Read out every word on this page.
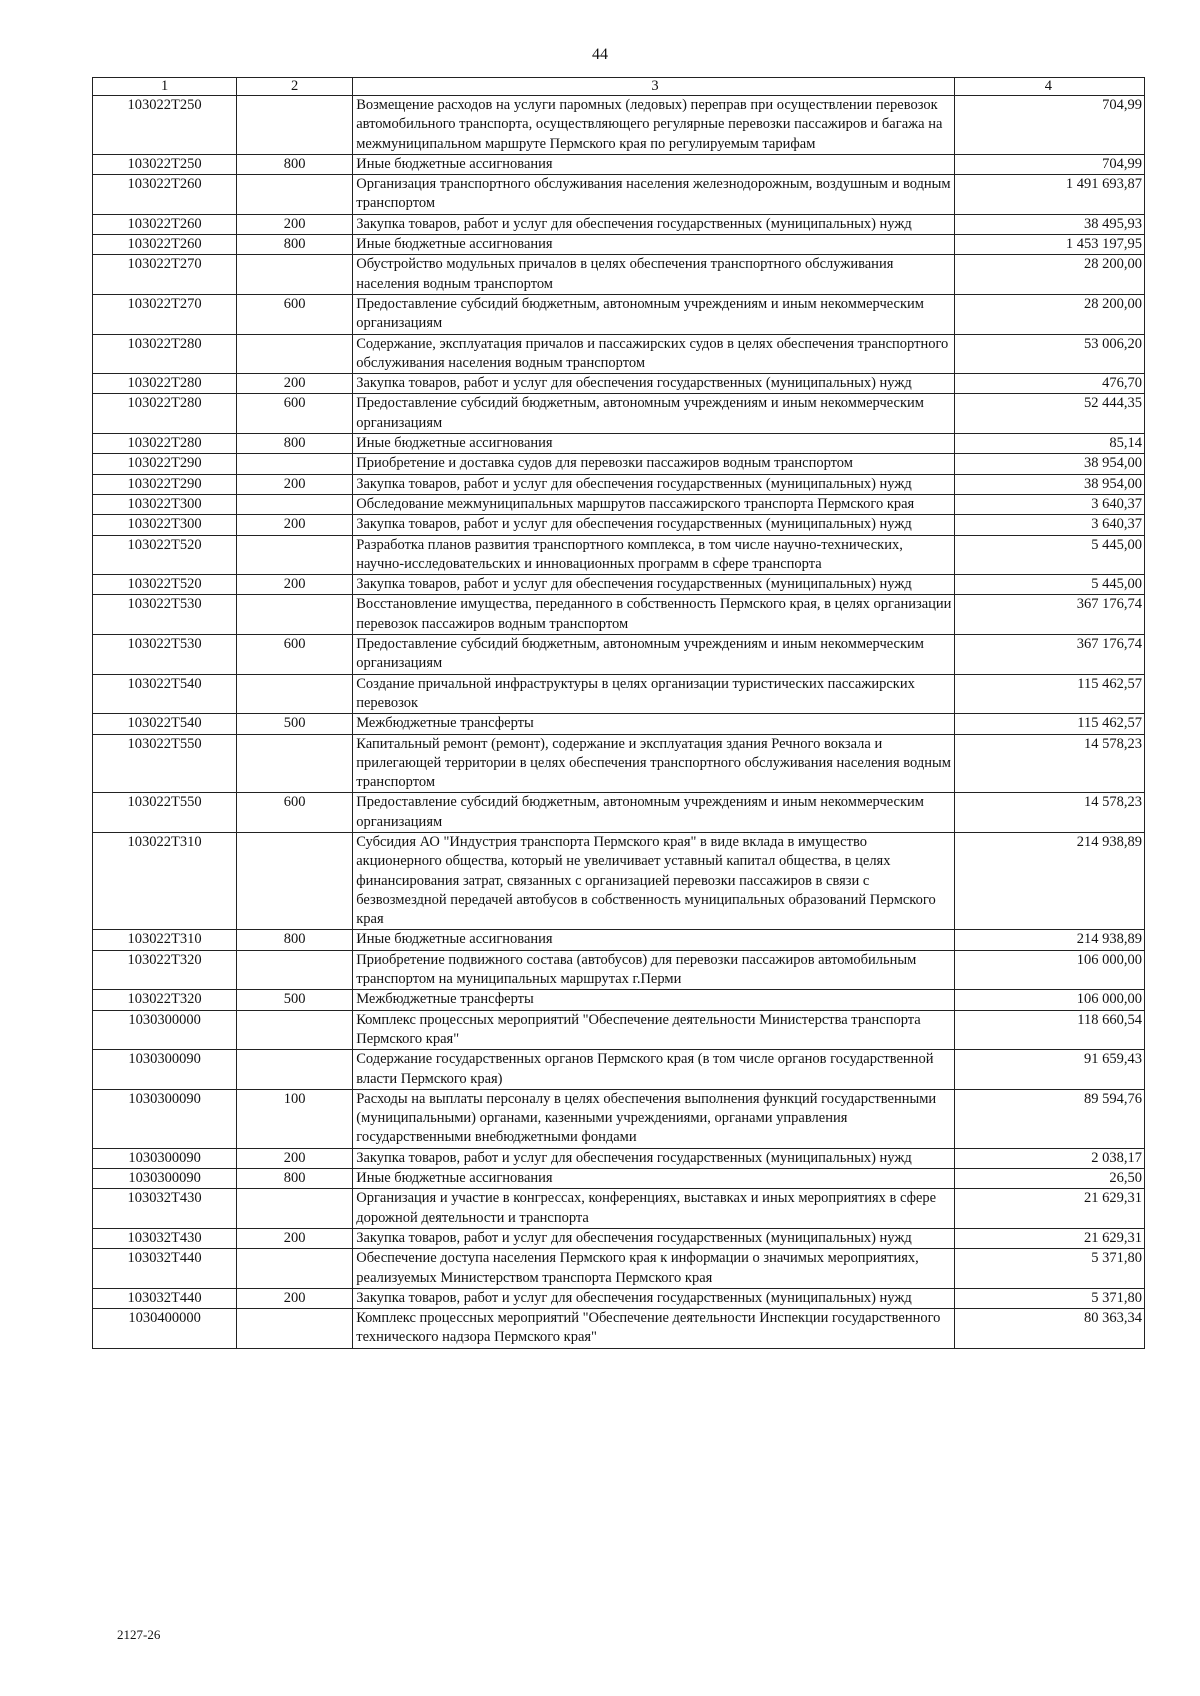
44
1	2	3	4
103022T250		Возмещение расходов на услуги паромных (ледовых) переправ при осуществлении перевозок автомобильного транспорта, осуществляющего регулярные перевозки пассажиров и багажа на межмуниципальном маршруте Пермского края по регулируемым тарифам	704,99
103022T250	800	Иные бюджетные ассигнования	704,99
103022T260		Организация транспортного обслуживания населения железнодорожным, воздушным и водным транспортом	1 491 693,87
103022T260	200	Закупка товаров, работ и услуг для обеспечения государственных (муниципальных) нужд	38 495,93
103022T260	800	Иные бюджетные ассигнования	1 453 197,95
103022T270		Обустройство модульных причалов в целях обеспечения транспортного обслуживания населения водным транспортом	28 200,00
103022T270	600	Предоставление субсидий бюджетным, автономным учреждениям и иным некоммерческим организациям	28 200,00
103022T280		Содержание, эксплуатация причалов и пассажирских судов в целях обеспечения транспортного обслуживания населения водным транспортом	53 006,20
103022T280	200	Закупка товаров, работ и услуг для обеспечения государственных (муниципальных) нужд	476,70
103022T280	600	Предоставление субсидий бюджетным, автономным учреждениям и иным некоммерческим организациям	52 444,35
103022T280	800	Иные бюджетные ассигнования	85,14
103022T290		Приобретение и доставка судов для перевозки пассажиров водным транспортом	38 954,00
103022T290	200	Закупка товаров, работ и услуг для обеспечения государственных (муниципальных) нужд	38 954,00
103022T300		Обследование межмуниципальных маршрутов пассажирского транспорта Пермского края	3 640,37
103022T300	200	Закупка товаров, работ и услуг для обеспечения государственных (муниципальных) нужд	3 640,37
103022T520		Разработка планов развития транспортного комплекса, в том числе научно-технических, научно-исследовательских и инновационных программ в сфере транспорта	5 445,00
103022T520	200	Закупка товаров, работ и услуг для обеспечения государственных (муниципальных) нужд	5 445,00
103022T530		Восстановление имущества, переданного в собственность Пермского края, в целях организации перевозок пассажиров водным транспортом	367 176,74
103022T530	600	Предоставление субсидий бюджетным, автономным учреждениям и иным некоммерческим организациям	367 176,74
103022T540		Создание причальной инфраструктуры в целях организации туристических пассажирских перевозок	115 462,57
103022T540	500	Межбюджетные трансферты	115 462,57
103022T550		Капитальный ремонт (ремонт), содержание и эксплуатация здания Речного вокзала и прилегающей территории в целях обеспечения транспортного обслуживания населения водным транспортом	14 578,23
103022T550	600	Предоставление субсидий бюджетным, автономным учреждениям и иным некоммерческим организациям	14 578,23
103022T310		Субсидия АО "Индустрия транспорта Пермского края" в виде вклада в имущество акционерного общества, который не увеличивает уставный капитал общества, в целях финансирования затрат, связанных с организацией перевозки пассажиров в связи с безвозмездной передачей автобусов в собственность муниципальных образований Пермского края	214 938,89
103022T310	800	Иные бюджетные ассигнования	214 938,89
103022T320		Приобретение подвижного состава (автобусов) для перевозки пассажиров автомобильным транспортом на муниципальных маршрутах г.Перми	106 000,00
103022T320	500	Межбюджетные трансферты	106 000,00
1030300000		Комплекс процессных мероприятий "Обеспечение деятельности Министерства транспорта Пермского края"	118 660,54
1030300090		Содержание государственных органов Пермского края (в том числе органов государственной власти Пермского края)	91 659,43
1030300090	100	Расходы на выплаты персоналу в целях обеспечения выполнения функций государственными (муниципальными) органами, казенными учреждениями, органами управления государственными внебюджетными фондами	89 594,76
1030300090	200	Закупка товаров, работ и услуг для обеспечения государственных (муниципальных) нужд	2 038,17
1030300090	800	Иные бюджетные ассигнования	26,50
103032T430		Организация и участие в конгрессах, конференциях, выставках и иных мероприятиях в сфере дорожной деятельности и транспорта	21 629,31
103032T430	200	Закупка товаров, работ и услуг для обеспечения государственных (муниципальных) нужд	21 629,31
103032T440		Обеспечение доступа населения Пермского края к информации о значимых мероприятиях, реализуемых Министерством транспорта Пермского края	5 371,80
103032T440	200	Закупка товаров, работ и услуг для обеспечения государственных (муниципальных) нужд	5 371,80
1030400000		Комплекс процессных мероприятий "Обеспечение деятельности Инспекции государственного технического надзора Пермского края"	80 363,34
2127-26
